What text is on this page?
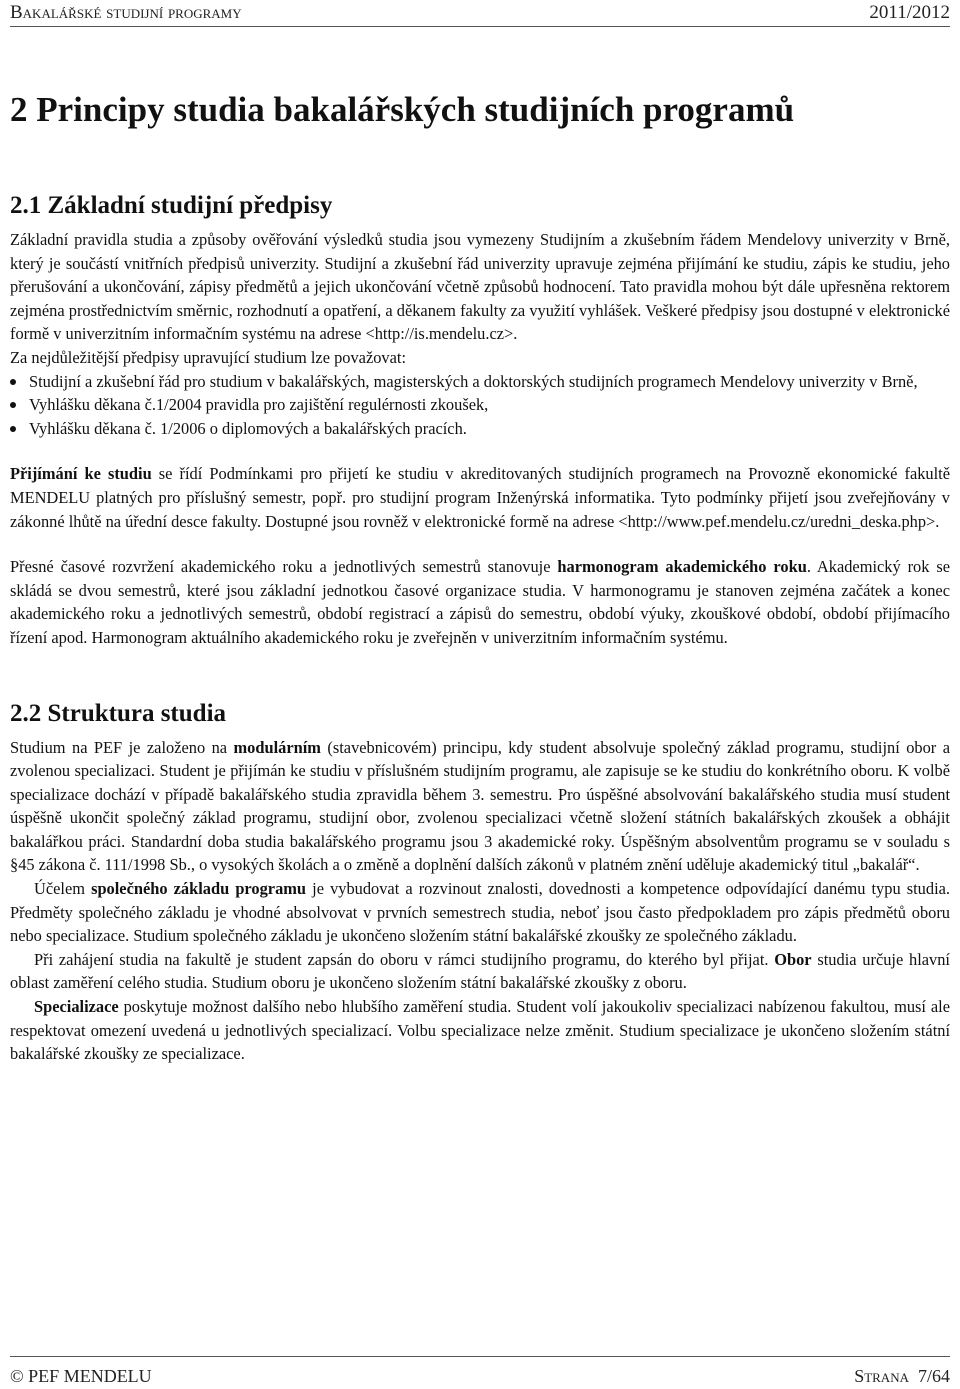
Bakalářské studijní programy	2011/2012
2 Principy studia bakalářských studijních programů
2.1 Základní studijní předpisy

Základní pravidla studia a způsoby ověřování výsledků studia jsou vymezeny Studijním a zkušebním řádem Mendelovy univerzity v Brně, který je součástí vnitřních předpisů univerzity. Studijní a zkušební řád univerzity upravuje zejména přijímání ke studiu, zápis ke studiu, jeho přerušování a ukončování, zápisy předmětů a jejich ukončování včetně způsobů hodnocení. Tato pravidla mohou být dále upřesněna rektorem zejména prostřednictvím směrnic, rozhodnutí a opatření, a děkanem fakulty za využití vyhlášek. Veškeré předpisy jsou dostupné v elektronické formě v univerzitním informačním systému na adrese <http://is.mendelu.cz>.

Za nejdůležitější předpisy upravující studium lze považovat:

Studijní a zkušební řád pro studium v bakalářských, magisterských a doktorských studijních programech Mendelovy univerzity v Brně,
Vyhlášku děkana č.1/2004 pravidla pro zajištění regulérnosti zkoušek,
Vyhlášku děkana č. 1/2006 o diplomových a bakalářských pracích.

Přijímání ke studiu se řídí Podmínkami pro přijetí ke studiu v akreditovaných studijních programech na Provozně ekonomické fakultě MENDELU platných pro příslušný semestr, popř. pro studijní program Inženýrská informatika. Tyto podmínky přijetí jsou zveřejňovány v zákonné lhůtě na úřední desce fakulty. Dostupné jsou rovněž v elektronické formě na adrese <http://www.pef.mendelu.cz/uredni_deska.php>.

Přesné časové rozvržení akademického roku a jednotlivých semestrů stanovuje harmonogram akademického roku. Akademický rok se skládá se dvou semestrů, které jsou základní jednotkou časové organizace studia. V harmonogramu je stanoven zejména začátek a konec akademického roku a jednotlivých semestrů, období registrací a zápisů do semestru, období výuky, zkouškové období, období přijímacího řízení apod. Harmonogram aktuálního akademického roku je zveřejněn v univerzitním informačním systému.

2.2 Struktura studia

Studium na PEF je založeno na modulárním (stavebnicovém) principu, kdy student absolvuje společný základ programu, studijní obor a zvolenou specializaci. Student je přijímán ke studiu v příslušném studijním programu, ale zapisuje se ke studiu do konkrétního oboru. K volbě specializace dochází v případě bakalářského studia zpravidla během 3. semestru. Pro úspěšné absolvování bakalářského studia musí student úspěšně ukončit společný základ programu, studijní obor, zvolenou specializaci včetně složení státních bakalářských zkoušek a obhájit bakalářkou práci. Standardní doba studia bakalářského programu jsou 3 akademické roky. Úspěšným absolventům programu se v souladu s §45 zákona č. 111/1998 Sb., o vysokých školách a o změně a doplnění dalších zákonů v platném znění uděluje akademický titul „bakalář“.

Účelem společného základu programu je vybudovat a rozvinout znalosti, dovednosti a kompetence odpovídající danému typu studia. Předměty společného základu je vhodné absolvovat v prvních semestrech studia, neboť jsou často předpokladem pro zápis předmětů oboru nebo specializace. Studium společného základu je ukončeno složením státní bakalářské zkoušky ze společného základu.

Při zahájení studia na fakultě je student zapsán do oboru v rámci studijního programu, do kterého byl přijat. Obor studia určuje hlavní oblast zaměření celého studia. Studium oboru je ukončeno složením státní bakalářské zkoušky z oboru.

Specializace poskytuje možnost dalšího nebo hlubšího zaměření studia. Student volí jakoukoliv specializaci nabízenou fakultou, musí ale respektovat omezení uvedená u jednotlivých specializací. Volbu specializace nelze změnit. Studium specializace je ukončeno složením státní bakalářské zkoušky ze specializace.

© PEF MENDELU	Strana 7/64
